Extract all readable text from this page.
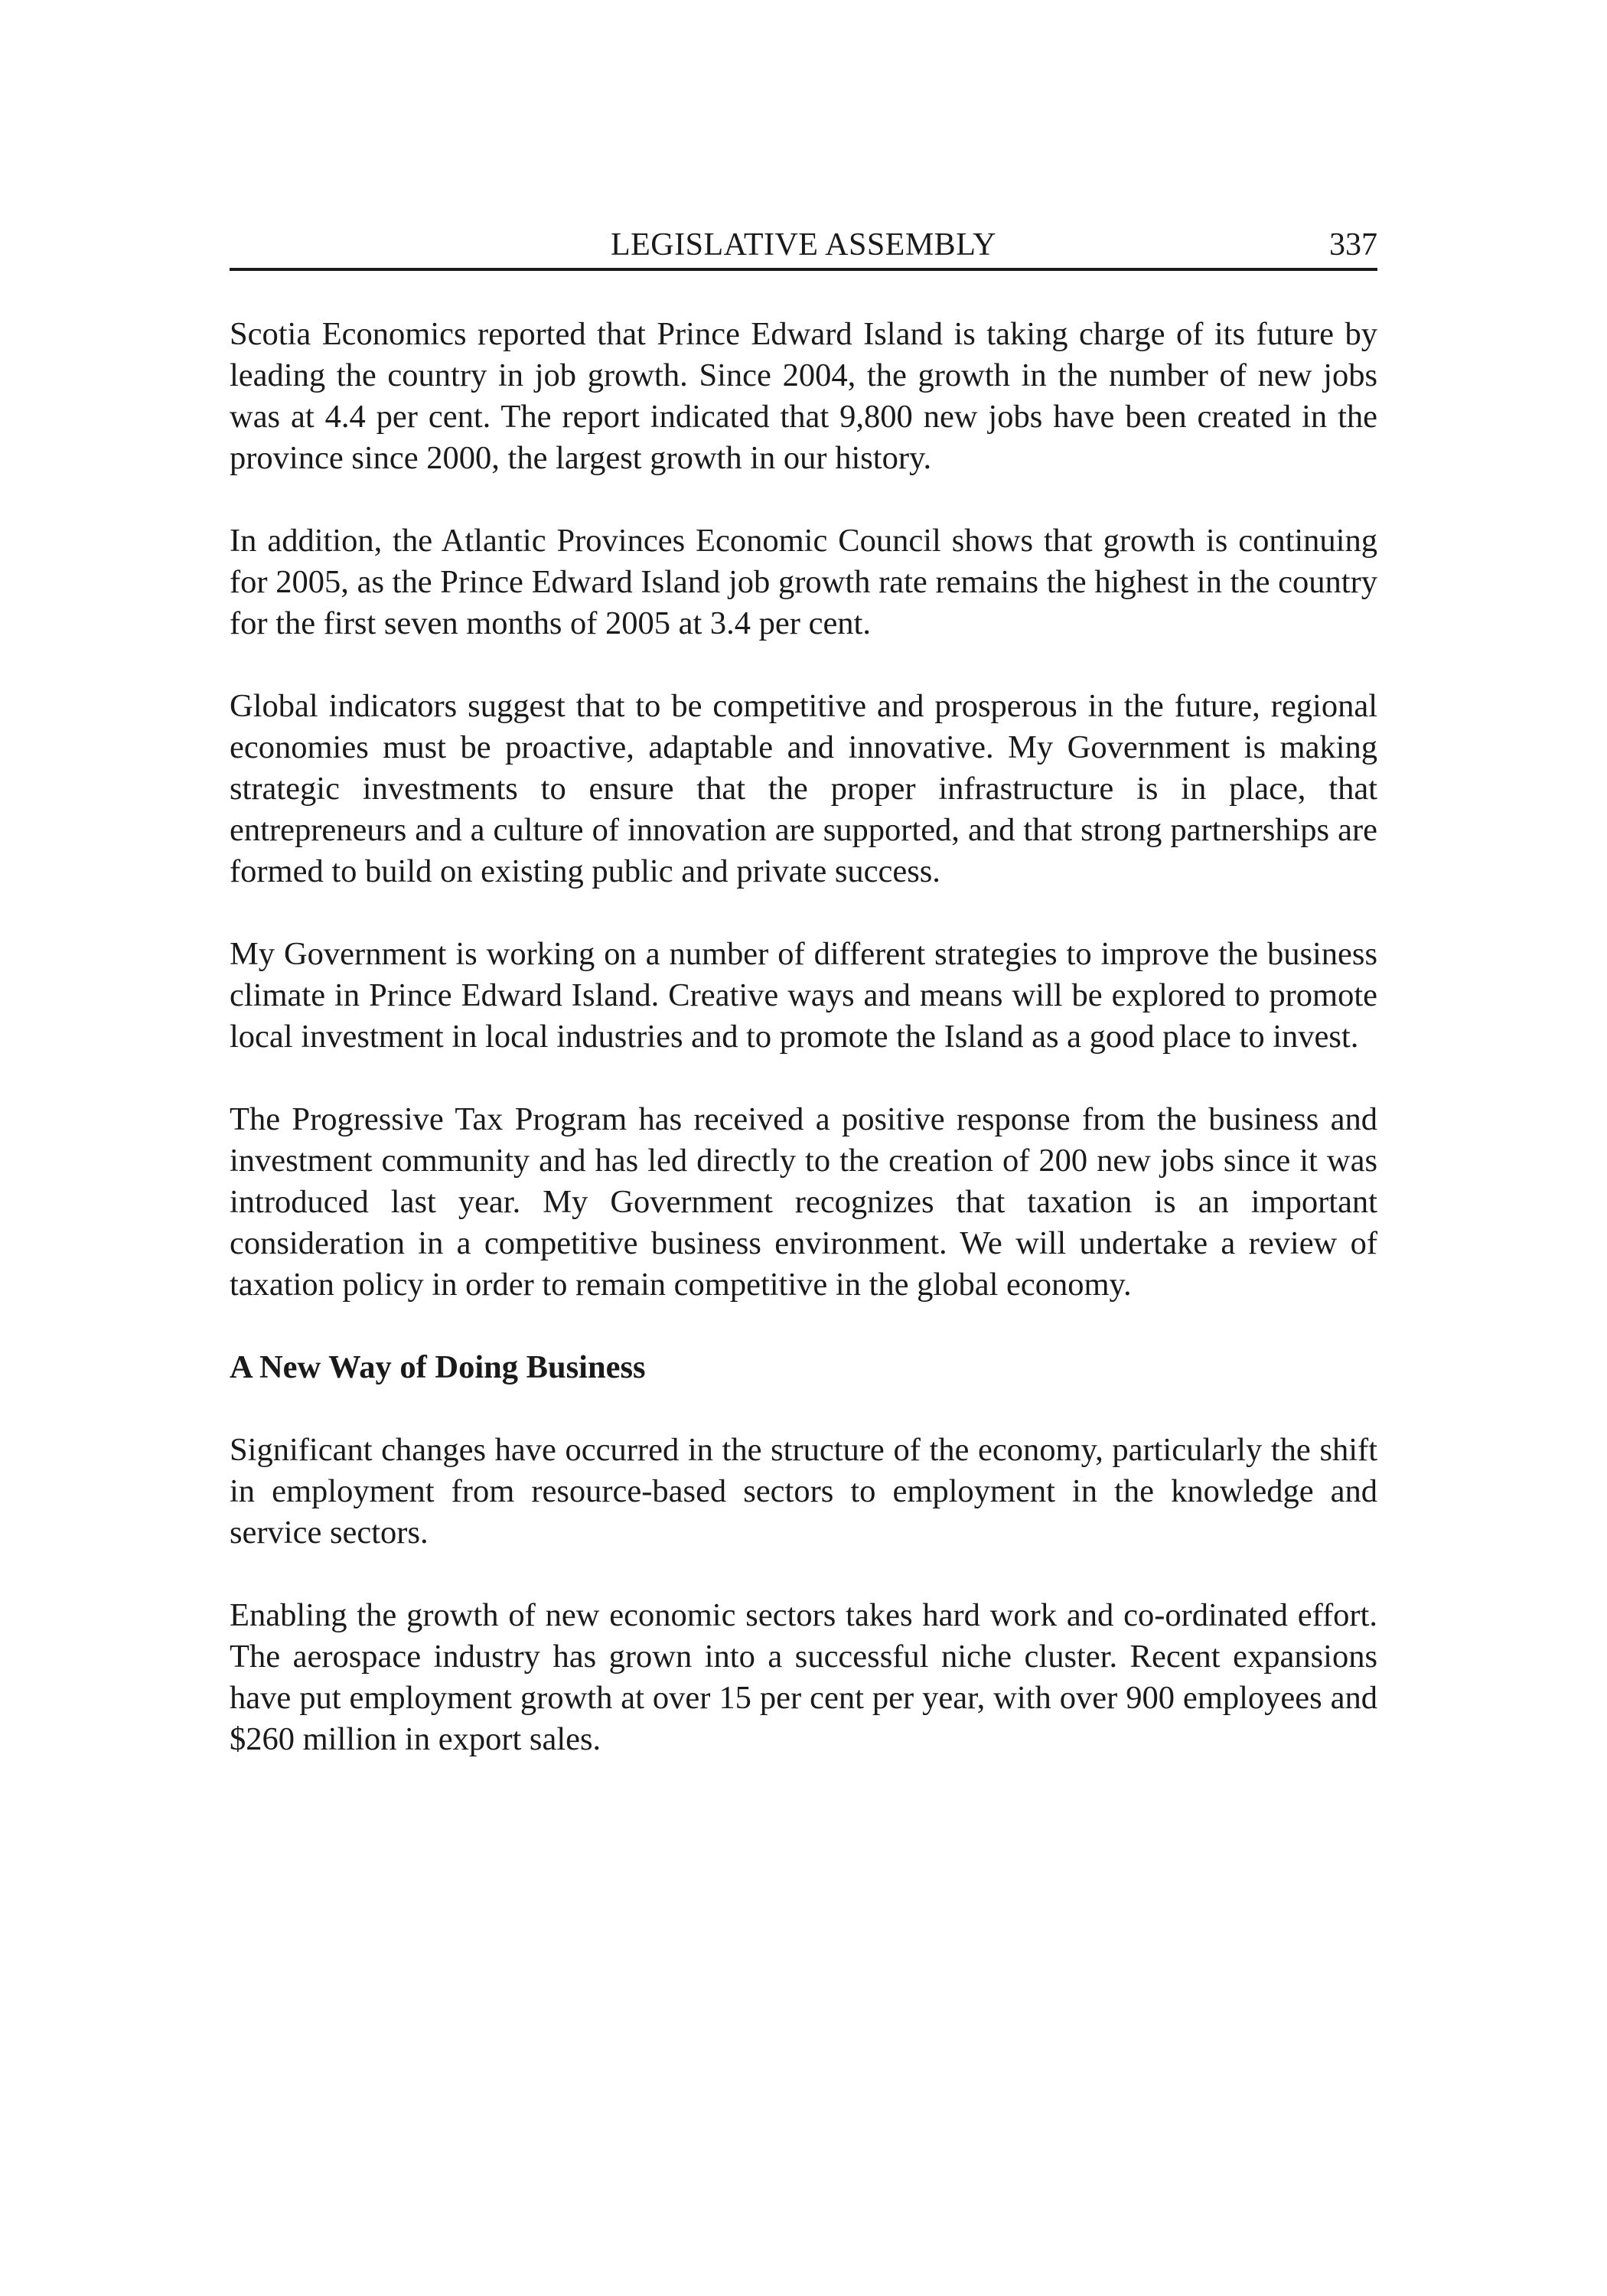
LEGISLATIVE ASSEMBLY	337

Scotia Economics reported that Prince Edward Island is taking charge of its future by leading the country in job growth. Since 2004, the growth in the number of new jobs was at 4.4 per cent. The report indicated that 9,800 new jobs have been created in the province since 2000, the largest growth in our history.

In addition, the Atlantic Provinces Economic Council shows that growth is continuing for 2005, as the Prince Edward Island job growth rate remains the highest in the country for the first seven months of 2005 at 3.4 per cent.

Global indicators suggest that to be competitive and prosperous in the future, regional economies must be proactive, adaptable and innovative. My Government is making strategic investments to ensure that the proper infrastructure is in place, that entrepreneurs and a culture of innovation are supported, and that strong partnerships are formed to build on existing public and private success.

My Government is working on a number of different strategies to improve the business climate in Prince Edward Island. Creative ways and means will be explored to promote local investment in local industries and to promote the Island as a good place to invest.

The Progressive Tax Program has received a positive response from the business and investment community and has led directly to the creation of 200 new jobs since it was introduced last year. My Government recognizes that taxation is an important consideration in a competitive business environment. We will undertake a review of taxation policy in order to remain competitive in the global economy.

A New Way of Doing Business

Significant changes have occurred in the structure of the economy, particularly the shift in employment from resource-based sectors to employment in the knowledge and service sectors.

Enabling the growth of new economic sectors takes hard work and co-ordinated effort. The aerospace industry has grown into a successful niche cluster. Recent expansions have put employment growth at over 15 per cent per year, with over 900 employees and $260 million in export sales.
